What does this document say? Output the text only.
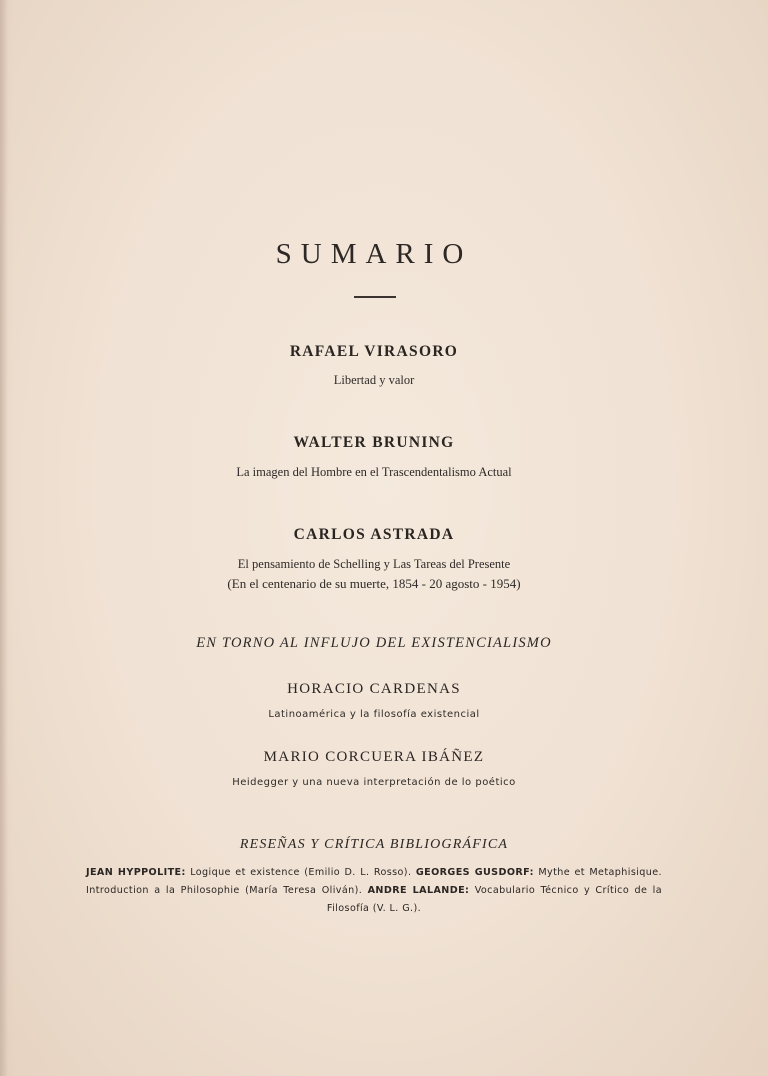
SUMARIO
RAFAEL VIRASORO
Libertad y valor
WALTER BRUNING
La imagen del Hombre en el Trascendentalismo Actual
CARLOS ASTRADA
El pensamiento de Schelling y Las Tareas del Presente
(En el centenario de su muerte, 1854 - 20 agosto - 1954)
EN TORNO AL INFLUJO DEL EXISTENCIALISMO
HORACIO CARDENAS
Latinoamérica y la filosofía existencial
MARIO CORCUERA IBÁÑEZ
Heidegger y una nueva interpretación de lo poético
RESEÑAS Y CRÍTICA BIBLIOGRÁFICA
JEAN HYPPOLITE: Logique et existence (Emilio D. L. Rosso). GEORGES GUSDORF: Mythe et Metaphisique. Introduction a la Philosophie (María Teresa Oliván). ANDRE LALANDE: Vocabulario Técnico y Crítico de la Filosofía (V. L. G.).
